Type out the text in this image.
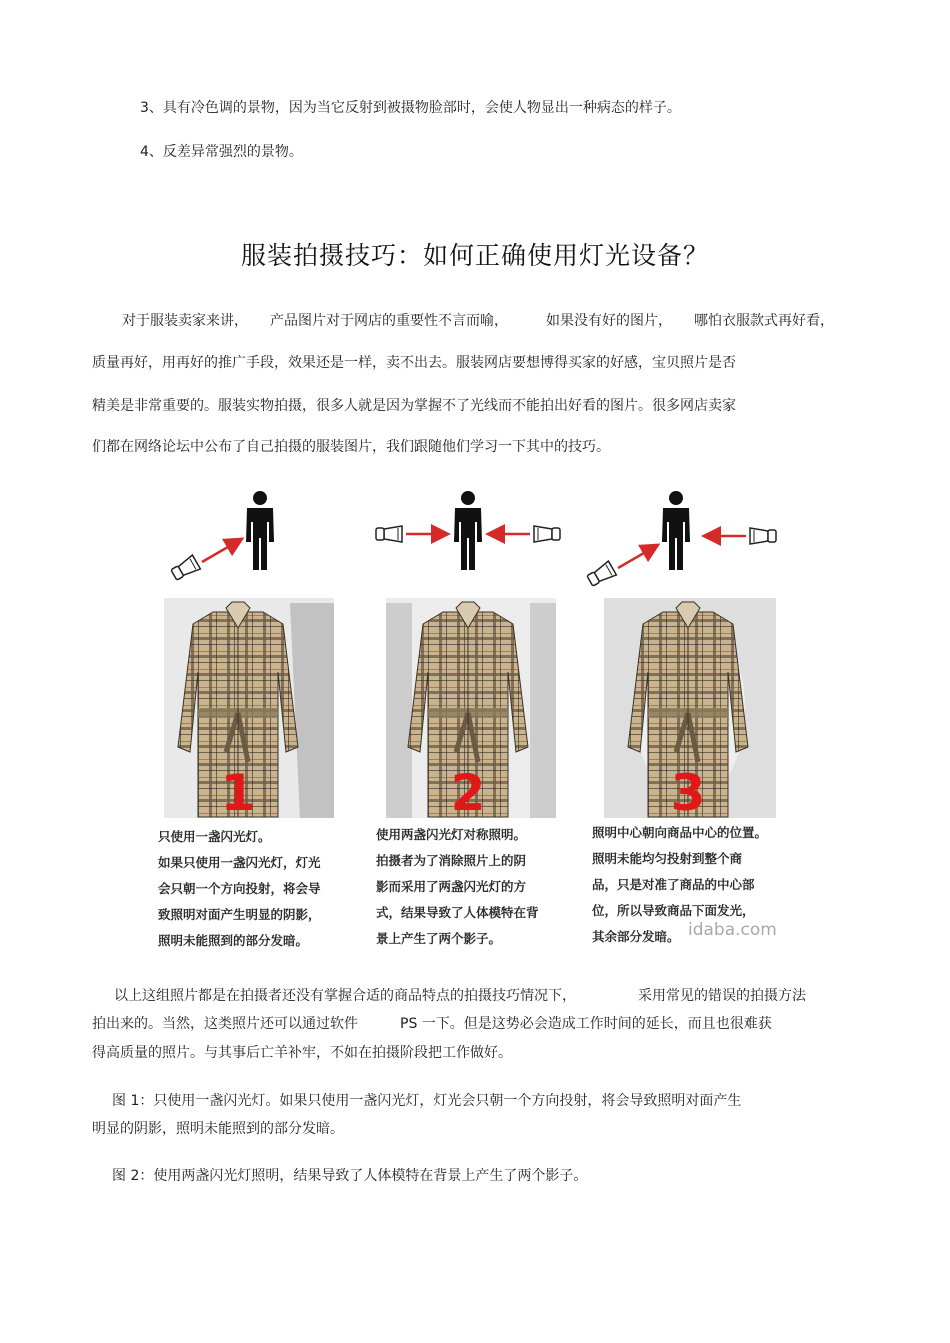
3、具有冷色调的景物，因为当它反射到被摄物脸部时，会使人物显出一种病态的样子。
4、反差异常强烈的景物。
服装拍摄技巧：如何正确使用灯光设备？
对于服装卖家来讲， 产品图片对于网店的重要性不言而喻，	如果没有好的图片， 哪怕衣服款式再好看，
质量再好，用再好的推广手段，效果还是一样，卖不出去。服装网店要想博得买家的好感，宝贝照片是否
精美是非常重要的。服装实物拍摄，很多人就是因为掌握不了光线而不能拍出好看的图片。很多网店卖家
们都在网络论坛中公布了自己拍摄的服装图片，我们跟随他们学习一下其中的技巧。
1	2	3
只使用一盏闪光灯。
如果只使用一盏闪光灯，灯光
会只朝一个方向投射，将会导
致照明对面产生明显的阴影，
照明未能照到的部分发暗。
使用两盏闪光灯对称照明。
拍摄者为了消除照片上的阴
影而采用了两盏闪光灯的方
式，结果导致了人体模特在背
景上产生了两个影子。
照明中心朝向商品中心的位置。
照明未能均匀投射到整个商
品，只是对准了商品的中心部
位，所以导致商品下面发光，
其余部分发暗。 idaba.com
以上这组照片都是在拍摄者还没有掌握合适的商品特点的拍摄技巧情况下，	采用常见的错误的拍摄方法
拍出来的。当然，这类照片还可以通过软件	PS 一下。但是这势必会造成工作时间的延长，而且也很难获
得高质量的照片。与其事后亡羊补牢，不如在拍摄阶段把工作做好。
图 1：只使用一盏闪光灯。如果只使用一盏闪光灯，灯光会只朝一个方向投射，将会导致照明对面产生
明显的阴影，照明未能照到的部分发暗。
图 2：使用两盏闪光灯照明，结果导致了人体模特在背景上产生了两个影子。
